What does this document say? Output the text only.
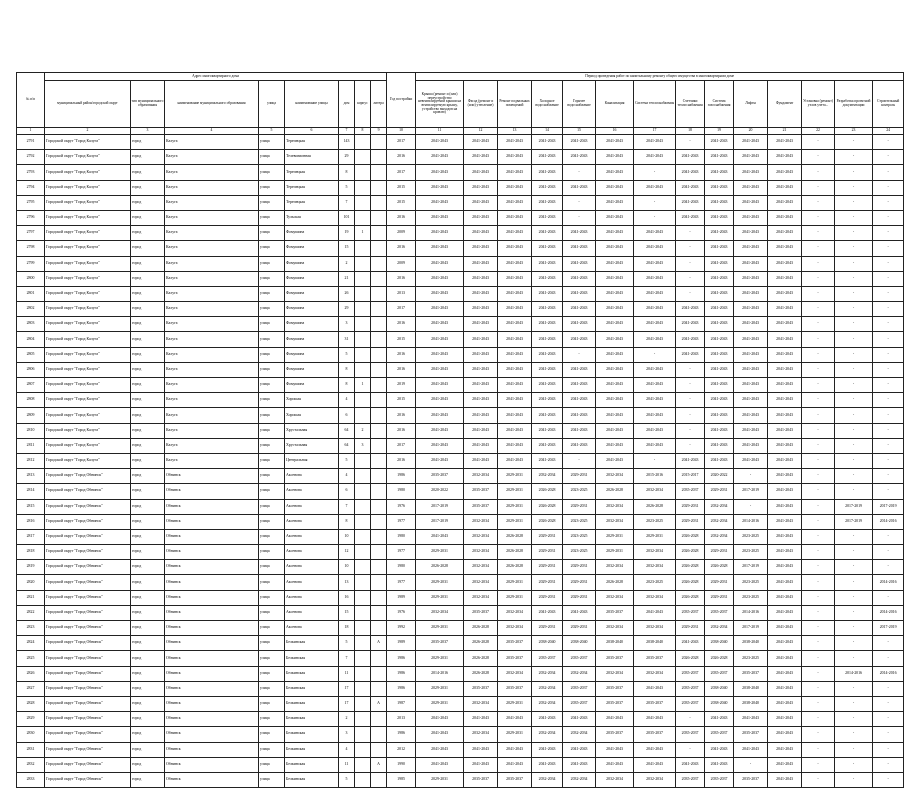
№ п/п	Адрес многоквартирного дома								Год постройки	Период проведения работ по капитальному ремонту общего имущества в многоквартирном доме													
	муниципальный район/городской округ	тип муниципального образования	наименование муниципального образования	улица	наименование улицы	дом	корпус	литера		Крыша (ремонт и (или) переустройство невентилируемой крыши на вентилируемую крышу, устройство выходов на кровлю)	Фасад (ремонт и (или) утепление)	Ремонт подвальных помещений	Холодное водоснабжение	Горячее водоснабжение	Канализация	Система теплоснабжения	Счетчики теплоснабжения	Система газоснабжения	Лифты	Фундамент	Установка (ремонт) узлов учета...	Разработка проектной документации	Строительный контроль
1	2	3	4	5	6	7	8	9	10	11	12	13	14	15	16	17	18	19	20	21	22	23	24
2791	Городской округ "Город Калуга"	город	Калуга	улица	Терепецкая	143			2017	2041-2043	2041-2043	2041-2043	2041-2043	2041-2043	2041-2043	2041-2043	-	2041-2043	2041-2043	2041-2043	-	-	-
2792	Городской округ "Город Калуга"	город	Калуга	улица	Телевизионная	29			2016	2041-2043	2041-2043	2041-2043	2041-2043	2041-2043	2041-2043	2041-2043	2041-2043	2041-2043	2041-2043	2041-2043	-	-	-
2793	Городской округ "Город Калуга"	город	Калуга	улица	Терепецкая	8			2017	2041-2043	2041-2043	2041-2043	2041-2043	-	2041-2043	-	2041-2043	2041-2043	2041-2043	2041-2043	-	-	-
2794	Городской округ "Город Калуга"	город	Калуга	улица	Терепецкая	5			2015	2041-2043	2041-2043	2041-2043	2041-2043	2041-2043	2041-2043	2041-2043	2041-2043	2041-2043	2041-2043	2041-2043	-	-	-
2795	Городской округ "Город Калуга"	город	Калуга	улица	Терепецкая	7			2015	2041-2043	2041-2043	2041-2043	2041-2043	-	2041-2043	-	2041-2043	2041-2043	2041-2043	2041-2043	-	-	-
2796	Городской округ "Город Калуга"	город	Калуга	улица	Тульская	101			2016	2041-2043	2041-2043	2041-2043	2041-2043	-	2041-2043	-	2041-2043	2041-2043	2041-2043	2041-2043	-	-	-
2797	Городской округ "Город Калуга"	город	Калуга	улица	Фомушина	19	1		2009	2041-2043	2041-2043	2041-2043	2041-2043	2041-2043	2041-2043	2041-2043	-	2041-2043	2041-2043	2041-2043	-	-	-
2798	Городской округ "Город Калуга"	город	Калуга	улица	Фомушина	15			2016	2041-2043	2041-2043	2041-2043	2041-2043	2041-2043	2041-2043	2041-2043	-	2041-2043	2041-2043	2041-2043	-	-	-
2799	Городской округ "Город Калуга"	город	Калуга	улица	Фомушина	2			2009	2041-2043	2041-2043	2041-2043	2041-2043	2041-2043	2041-2043	2041-2043	-	2041-2043	2041-2043	2041-2043	-	-	-
2800	Городской округ "Город Калуга"	город	Калуга	улица	Фомушина	21			2016	2041-2043	2041-2043	2041-2043	2041-2043	2041-2043	2041-2043	2041-2043	-	2041-2043	2041-2043	2041-2043	-	-	-
2801	Городской округ "Город Калуга"	город	Калуга	улица	Фомушина	26			2013	2041-2043	2041-2043	2041-2043	2041-2043	2041-2043	2041-2043	2041-2043	-	2041-2043	2041-2043	2041-2043	-	-	-
2802	Городской округ "Город Калуга"	город	Калуга	улица	Фомушина	29			2017	2041-2043	2041-2043	2041-2043	2041-2043	2041-2043	2041-2043	2041-2043	2041-2043	2041-2043	2041-2043	2041-2043	-	-	-
2803	Городской округ "Город Калуга"	город	Калуга	улица	Фомушина	3			2016	2041-2043	2041-2043	2041-2043	2041-2043	2041-2043	2041-2043	2041-2043	2041-2043	2041-2043	2041-2043	2041-2043	-	-	-
2804	Городской округ "Город Калуга"	город	Калуга	улица	Фомушина	31			2015	2041-2043	2041-2043	2041-2043	2041-2043	2041-2043	2041-2043	2041-2043	2041-2043	2041-2043	2041-2043	2041-2043	-	-	-
2805	Городской округ "Город Калуга"	город	Калуга	улица	Фомушина	5			2016	2041-2043	2041-2043	2041-2043	2041-2043	-	2041-2043	-	2041-2043	2041-2043	2041-2043	2041-2043	-	-	-
2806	Городской округ "Город Калуга"	город	Калуга	улица	Фомушина	8			2016	2041-2043	2041-2043	2041-2043	2041-2043	2041-2043	2041-2043	2041-2043	-	2041-2043	2041-2043	2041-2043	-	-	-
2807	Городской округ "Город Калуга"	город	Калуга	улица	Фомушина	8	1		2019	2041-2043	2041-2043	2041-2043	2041-2043	2041-2043	2041-2043	2041-2043	-	2041-2043	2041-2043	2041-2043	-	-	-
2808	Городской округ "Город Калуга"	город	Калуга	улица	Хорошая	4			2015	2041-2043	2041-2043	2041-2043	2041-2043	2041-2043	2041-2043	2041-2043	-	2041-2043	2041-2043	2041-2043	-	-	-
2809	Городской округ "Город Калуга"	город	Калуга	улица	Хорошая	6			2016	2041-2043	2041-2043	2041-2043	2041-2043	2041-2043	2041-2043	2041-2043	-	2041-2043	2041-2043	2041-2043	-	-	-
2810	Городской округ "Город Калуга"	город	Калуга	улица	Хрустальная	64	2		2016	2041-2043	2041-2043	2041-2043	2041-2043	2041-2043	2041-2043	2041-2043	-	2041-2043	2041-2043	2041-2043	-	-	-
2811	Городской округ "Город Калуга"	город	Калуга	улица	Хрустальная	64	3		2017	2041-2043	2041-2043	2041-2043	2041-2043	2041-2043	2041-2043	2041-2043	-	2041-2043	2041-2043	2041-2043	-	-	-
2812	Городской округ "Город Калуга"	город	Калуга	улица	Центральная	5			2016	2041-2043	2041-2043	2041-2043	2041-2043	-	2041-2043	-	2041-2043	2041-2043	2041-2043	2041-2043	-	-	-
2813	Городской округ "Город Обнинск"	город	Обнинск	улица	Аксенова	4			1986	2035-2037	2032-2034	2029-2031	2032-2034	2029-2031	2032-2034	2015-2016	2015-2017	2020-2022	-	2041-2043	-	-	-
2814	Городской округ "Город Обнинск"	город	Обнинск	улица	Аксенова	6			1980	2020-2022	2035-2037	2029-2031	2026-2028	2023-2025	2026-2028	2032-2034	2035-2037	2029-2031	2017-2019	2041-2043	-	-	-
2815	Городской округ "Город Обнинск"	город	Обнинск	улица	Аксенова	7			1976	2017-2019	2035-2037	2029-2031	2026-2028	2029-2031	2032-2034	2026-2028	2029-2031	2032-2034	-	2041-2043	-	2017-2019	2017-2019
2816	Городской округ "Город Обнинск"	город	Обнинск	улица	Аксенова	8			1977	2017-2019	2032-2034	2029-2031	2026-2028	2023-2025	2032-2034	2023-2025	2029-2031	2032-2034	2014-2016	2041-2043	-	2017-2019	2014-2016
2817	Городской округ "Город Обнинск"	город	Обнинск	улица	Аксенова	10			1980	2041-2043	2032-2034	2026-2028	2029-2031	2023-2025	2029-2031	2029-2031	2026-2028	2032-2034	2023-2025	2041-2043	-	-	-
2818	Городской округ "Город Обнинск"	город	Обнинск	улица	Аксенова	12			1977	2029-2031	2032-2034	2026-2028	2029-2031	2023-2025	2029-2031	2032-2034	2026-2028	2029-2031	2023-2025	2041-2043	-	-	-
2819	Городской округ "Город Обнинск"	город	Обнинск	улица	Аксенова	10			1980	2026-2028	2032-2034	2026-2028	2029-2031	2029-2031	2032-2034	2032-2034	2026-2028	2026-2028	2017-2019	2041-2043	-	-	-
2820	Городской округ "Город Обнинск"	город	Обнинск	улица	Аксенова	13			1977	2029-2031	2032-2034	2029-2031	2029-2031	2029-2031	2026-2028	2023-2025	2026-2028	2029-2031	2023-2025	2041-2043	-	-	2014-2016
2821	Городской округ "Город Обнинск"	город	Обнинск	улица	Аксенова	16			1989	2029-2031	2032-2034	2029-2031	2029-2031	2029-2031	2032-2034	2032-2034	2026-2028	2029-2031	2023-2025	2041-2043	-	-	-
2822	Городской округ "Город Обнинск"	город	Обнинск	улица	Аксенова	15			1976	2032-2034	2035-2037	2032-2034	2041-2043	2041-2043	2035-2037	2041-2043	2035-2037	2035-2037	2014-2016	2041-2043	-	-	2014-2016
2823	Городской округ "Город Обнинск"	город	Обнинск	улица	Аксенова	18			1992	2029-2031	2026-2028	2032-2034	2029-2031	2029-2031	2032-2034	2032-2034	2029-2031	2032-2034	2017-2019	2041-2043	-	-	2017-2019
2824	Городской округ "Город Обнинск"	город	Обнинск	улица	Белкинская	5		А	1989	2035-2037	2026-2028	2035-2037	2038-2040	2038-2040	2038-2040	2038-2040	2041-2043	2038-2040	2038-2040	2041-2043	-	-	-
2825	Городской округ "Город Обнинск"	город	Обнинск	улица	Белкинская	7			1986	2029-2031	2026-2028	2035-2037	2035-2037	2035-2037	2035-2037	2035-2037	2026-2028	2026-2028	2023-2025	2041-2043	-	-	-
2826	Городской округ "Город Обнинск"	город	Обнинск	улица	Белкинская	11			1986	2014-2016	2026-2028	2032-2034	2032-2034	2032-2034	2032-2034	2032-2034	2035-2037	2035-2037	2035-2037	2041-2043	-	2014-2016	2014-2016
2827	Городской округ "Город Обнинск"	город	Обнинск	улица	Белкинская	17			1986	2029-2031	2035-2037	2035-2037	2032-2034	2035-2037	2035-2037	2041-2043	2035-2037	2038-2040	2038-2040	2041-2043	-	-	-
2828	Городской округ "Город Обнинск"	город	Обнинск	улица	Белкинская	17		А	1987	2029-2031	2032-2034	2029-2031	2032-2034	2035-2037	2035-2037	2035-2037	2035-2037	2038-2040	2038-2040	2041-2043	-	-	-
2829	Городской округ "Город Обнинск"	город	Обнинск	улица	Белкинская	2			2013	2041-2043	2041-2043	2041-2043	2041-2043	2041-2043	2041-2043	2041-2043	-	2041-2043	2041-2043	2041-2043	-	-	-
2830	Городской округ "Город Обнинск"	город	Обнинск	улица	Белкинская	3			1986	2041-2043	2032-2034	2029-2031	2032-2034	2032-2034	2035-2037	2035-2037	2035-2037	2035-2037	2035-2037	2041-2043	-	-	-
2831	Городской округ "Город Обнинск"	город	Обнинск	улица	Белкинская	4			2012	2041-2043	2041-2043	2041-2043	2041-2043	2041-2043	2041-2043	2041-2043	-	2041-2043	2041-2043	2041-2043	-	-	-
2832	Городской округ "Город Обнинск"	город	Обнинск	улица	Белкинская	11		А	1990	2041-2043	2041-2043	2041-2043	2041-2043	2041-2043	2041-2043	2041-2043	2041-2043	2041-2043	-	2041-2043	-	-	-
2833	Городской округ "Город Обнинск"	город	Обнинск	улица	Белкинская	5			1985	2029-2031	2035-2037	2035-2037	2032-2034	2032-2034	2032-2034	2032-2034	2035-2037	2035-2037	2035-2037	2041-2043	-	-	-
